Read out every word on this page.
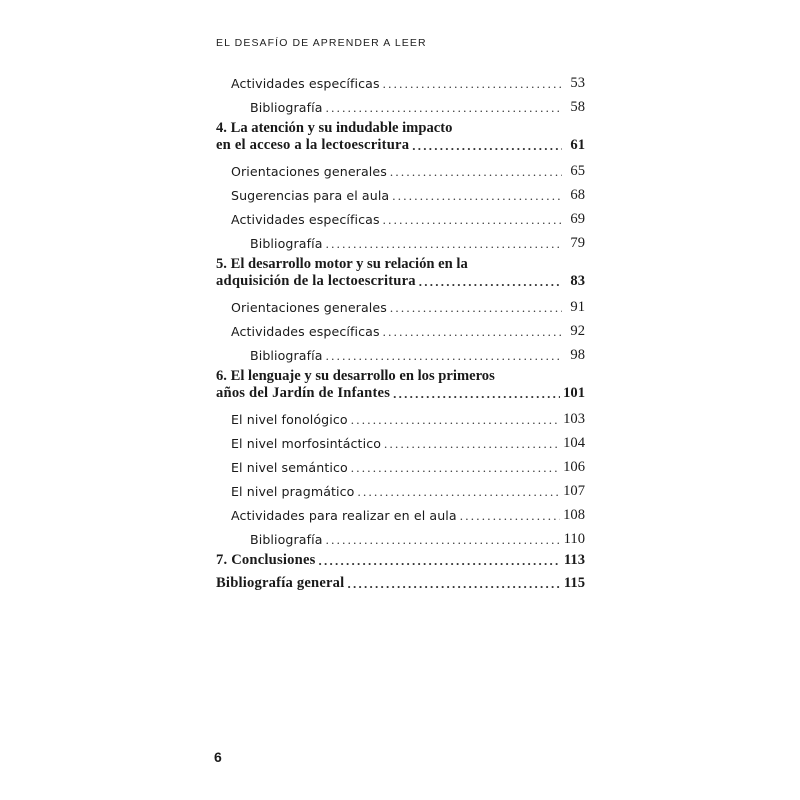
EL DESAFÍO DE APRENDER A LEER
Actividades específicas . . .	53
Bibliografía . . .	58
4. La atención y su indudable impacto
en el acceso a la lectoescritura . . .	61
Orientaciones generales . . .	65
Sugerencias para el aula . . .	68
Actividades específicas . . .	69
Bibliografía . . .	79
5. El desarrollo motor y su relación en la
adquisición de la lectoescritura . . .	83
Orientaciones generales . . .	91
Actividades específicas . . .	92
Bibliografía . . .	98
6. El lenguaje y su desarrollo en los primeros
años del Jardín de Infantes . . .	101
El nivel fonológico . . .	103
El nivel morfosintáctico . . .	104
El nivel semántico . . .	106
El nivel pragmático . . .	107
Actividades para realizar en el aula . . .	108
Bibliografía . . .	110
7. Conclusiones . . .	113
Bibliografía general . . .	115
6
